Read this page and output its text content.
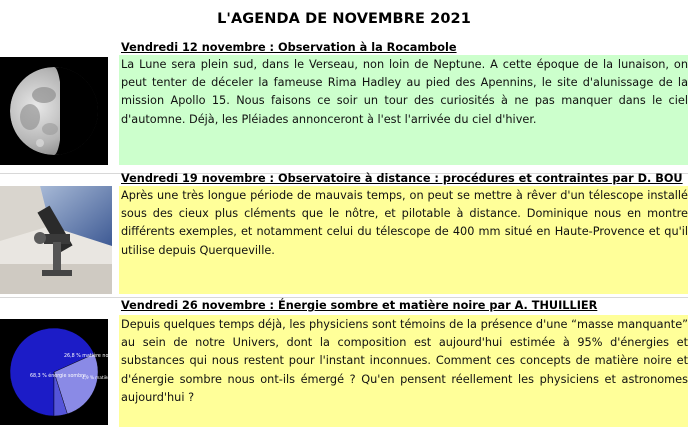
L'AGENDA DE NOVEMBRE 2021
Vendredi 12 novembre : Observation à la Rocambole
La Lune sera plein sud, dans le Verseau, non loin de Neptune. A cette époque de la lunaison, on peut tenter de déceler la fameuse Rima Hadley au pied des Apennins, le site d'alunissage de la mission Apollo 15. Nous faisons ce soir un tour des curiosités à ne pas manquer dans le ciel d'automne. Déjà, les Pléiades annonceront à l'est l'arrivée du ciel d'hiver.
Vendredi 19 novembre : Observatoire à distance : procédures et contraintes par D. BOU
Après une très longue période de mauvais temps, on peut se mettre à rêver d'un télescope installé sous des cieux plus cléments que le nôtre, et pilotable à distance. Dominique nous en montre différents exemples, et notamment celui du télescope de 400 mm situé en Haute-Provence et qu'il utilise depuis Querqueville.
Vendredi 26 novembre : Énergie sombre et matière noire par A. THUILLIER
Depuis quelques temps déjà, les physiciens sont témoins de la présence d'une “masse manquante” au sein de notre Univers, dont la composition est aujourd'hui estimée à 95% d'énergies et substances qui nous restent pour l'instant inconnues. Comment ces concepts de matière noire et d'énergie sombre nous ont-ils émergé ? Qu'en pensent réellement les physiciens et astronomes aujourd'hui ?
68,3 % énergie sombre
26,8 % matière noire
4,9 % matière
